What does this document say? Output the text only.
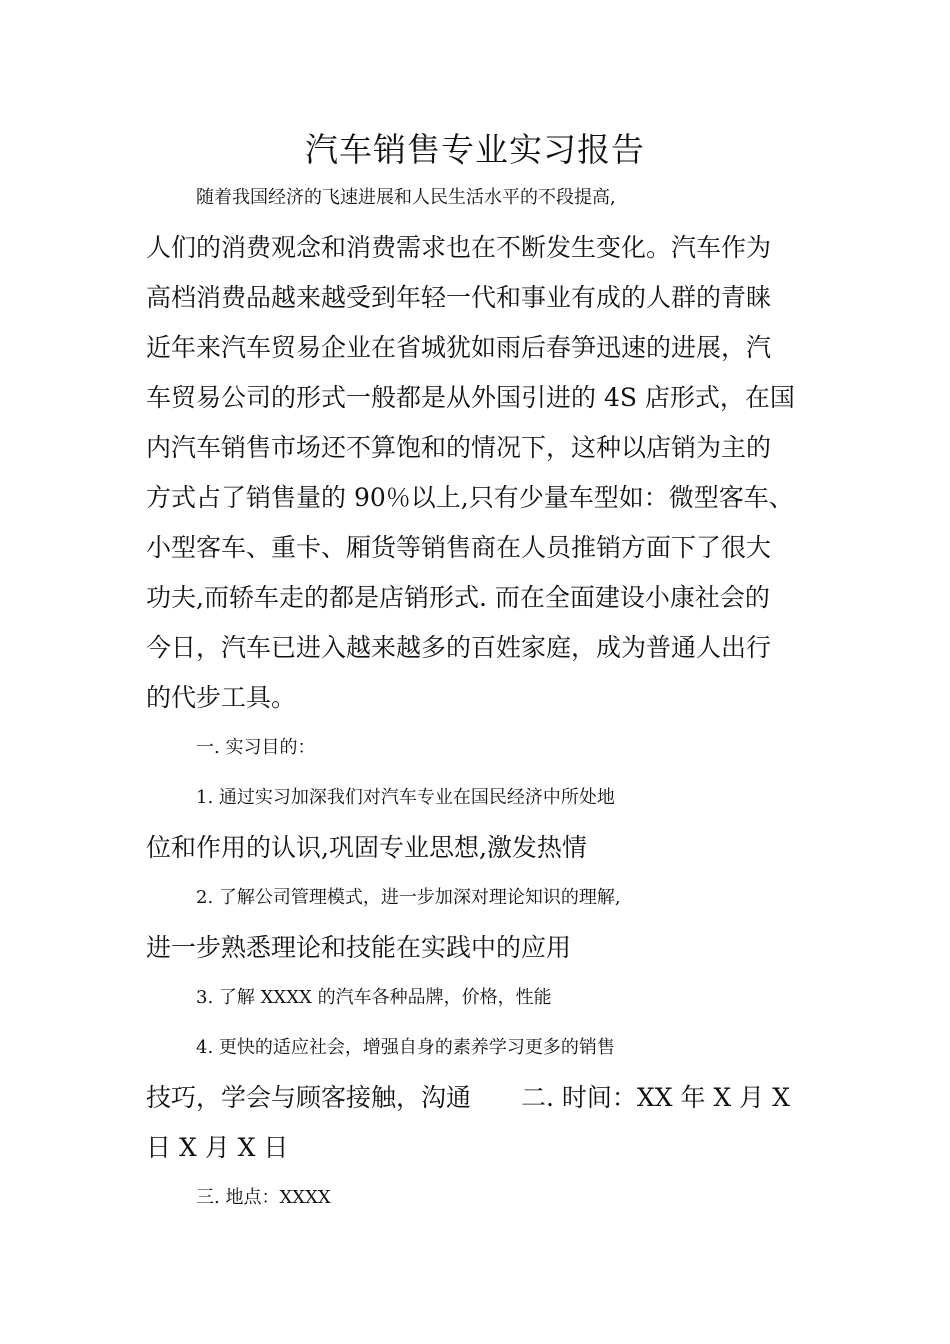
汽车销售专业实习报告

随着我国经济的飞速进展和人民生活水平的不段提高,

人们的消费观念和消费需求也在不断发生变化。汽车作为

高档消费品越来越受到年轻一代和事业有成的人群的青睐

近年来汽车贸易企业在省城犹如雨后春笋迅速的进展，汽

车贸易公司的形式一般都是从外国引进的 4S 店形式，在国

内汽车销售市场还不算饱和的情况下，这种以店销为主的

方式占了销售量的 90％以上,只有少量车型如：微型客车、

小型客车、重卡、厢货等销售商在人员推销方面下了很大

功夫,而轿车走的都是店销形式. 而在全面建设小康社会的

今日，汽车已进入越来越多的百姓家庭，成为普通人出行

的代步工具。

一. 实习目的：

1. 通过实习加深我们对汽车专业在国民经济中所处地

位和作用的认识,巩固专业思想,激发热情

2. 了解公司管理模式，进一步加深对理论知识的理解,

进一步熟悉理论和技能在实践中的应用

3. 了解 XXXX 的汽车各种品牌，价格，性能

4. 更快的适应社会，增强自身的素养学习更多的销售

技巧，学会与顾客接触，沟通　　二. 时间：XX 年 X 月 X

日 X 月 X 日

三. 地点：XXXX
